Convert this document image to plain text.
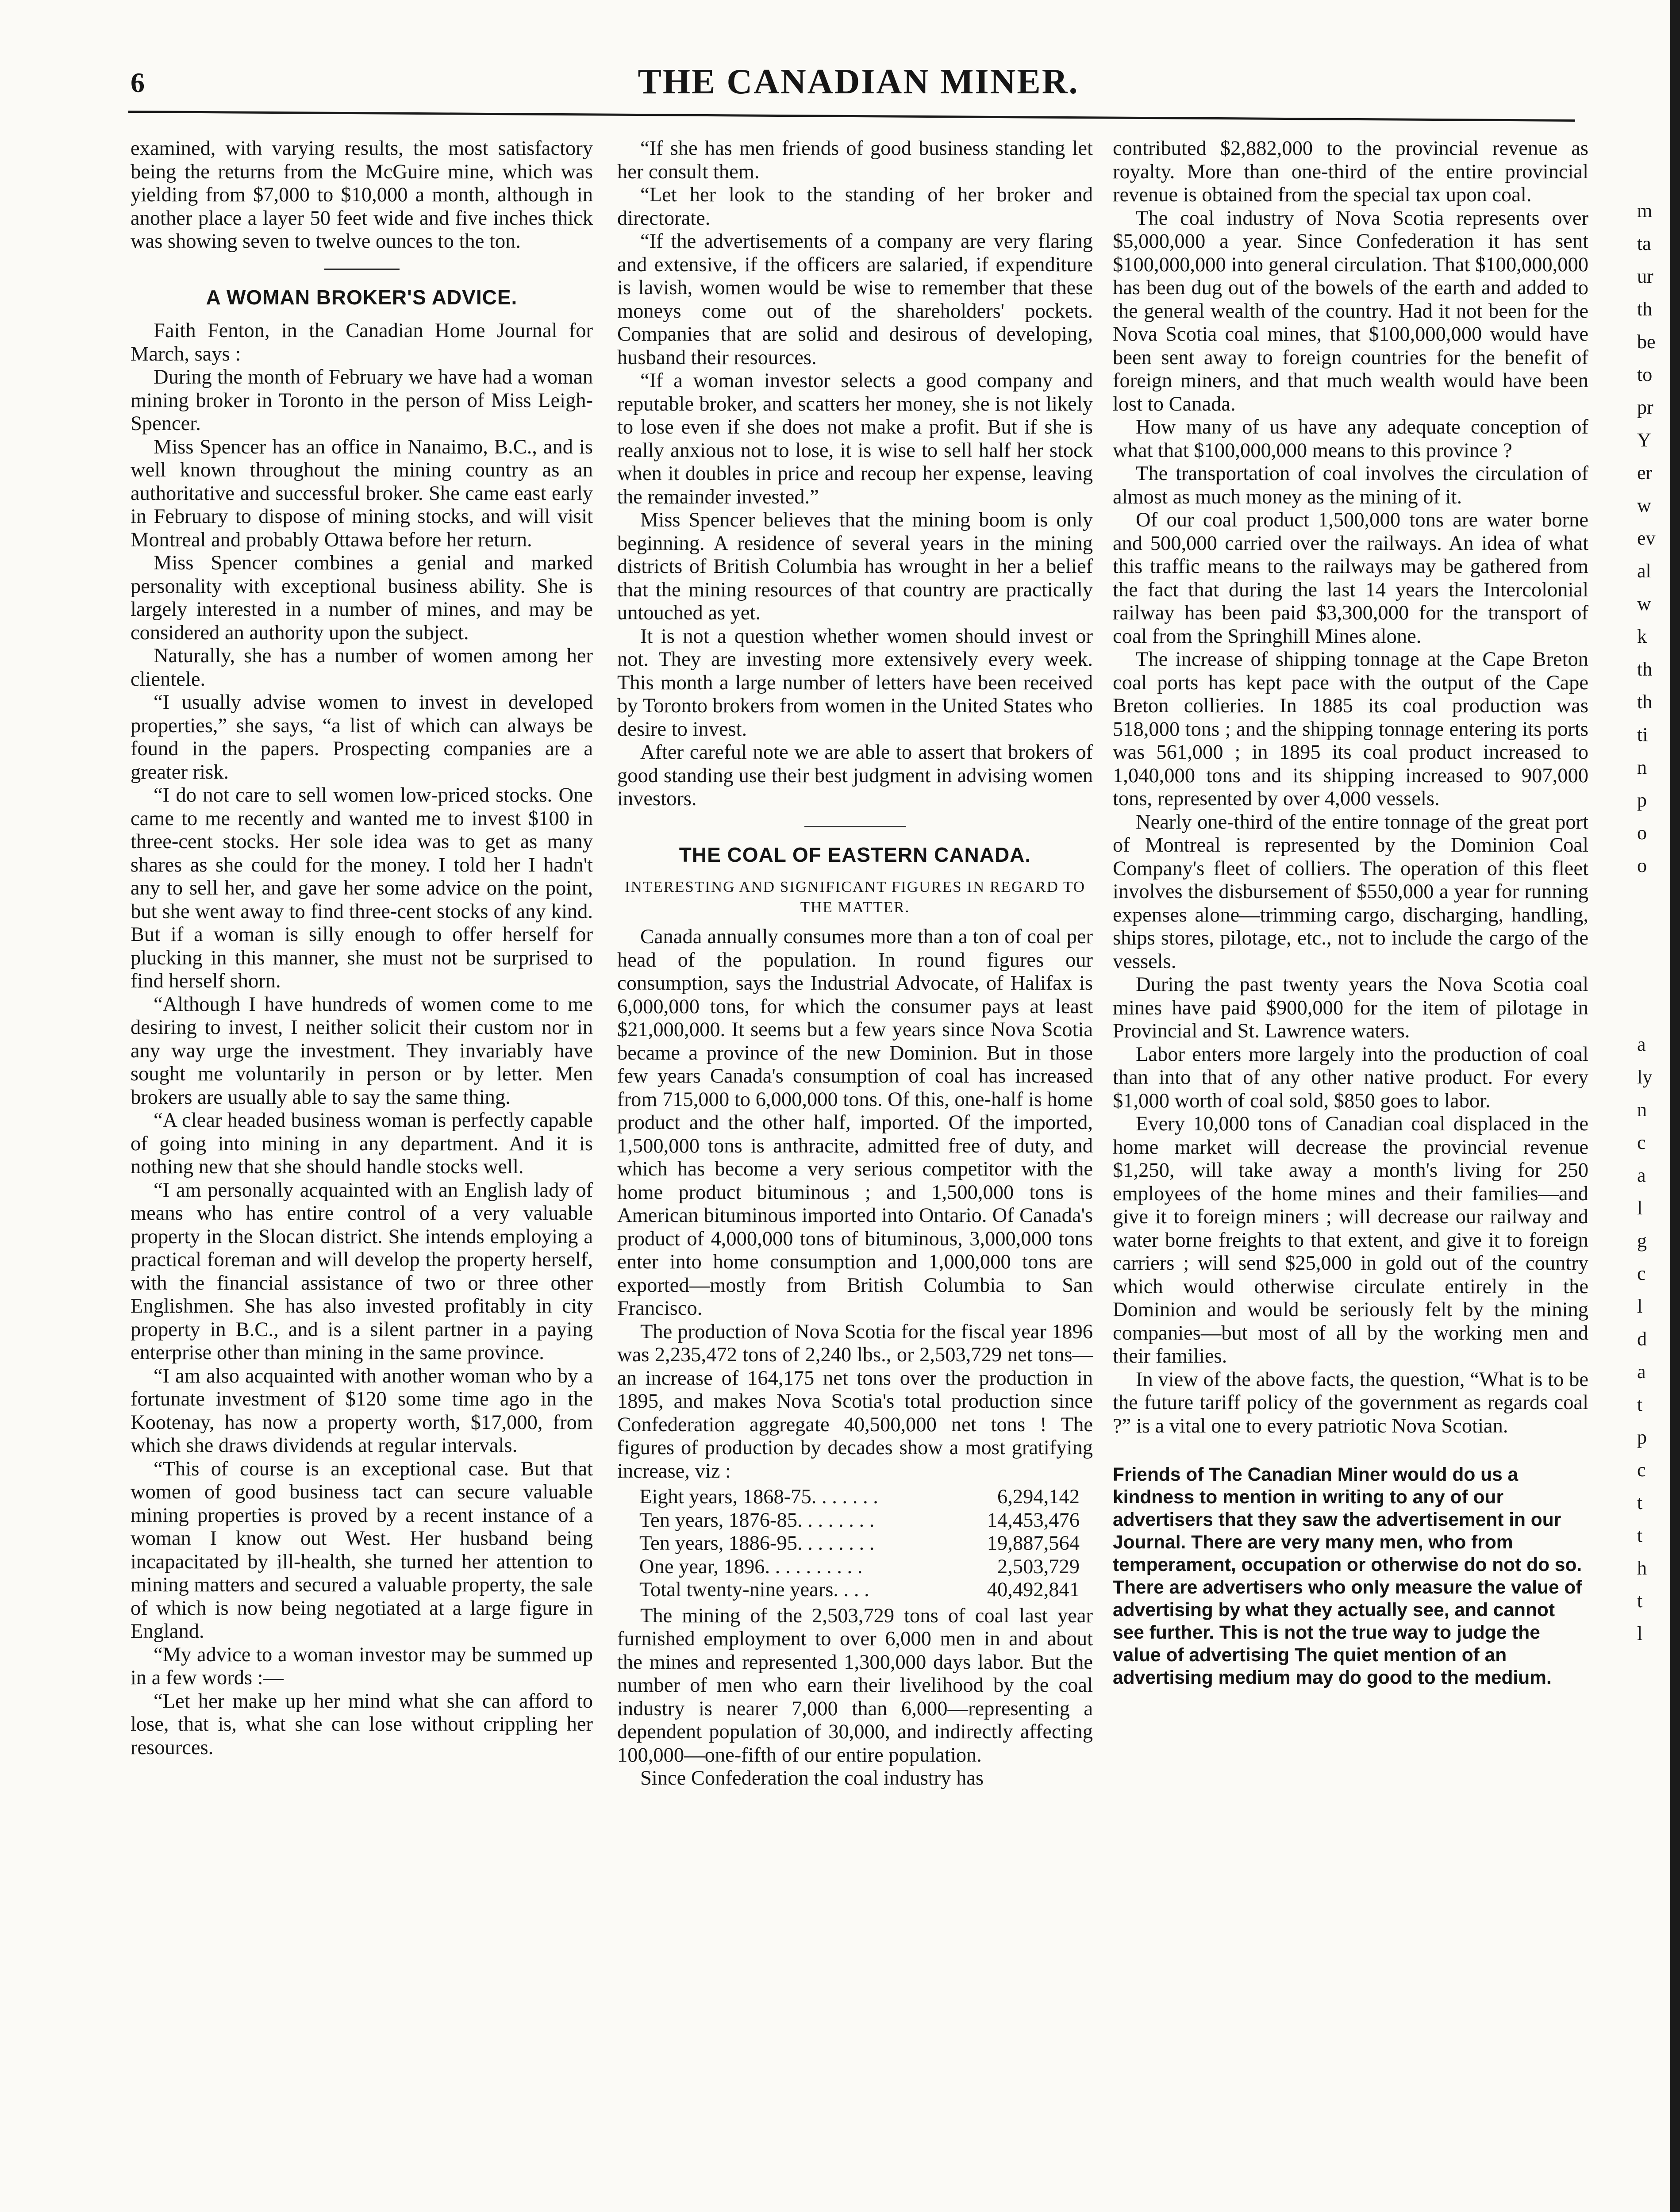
6	THE CANADIAN MINER.

examined, with varying results, the most satisfactory being the returns from the McGuire mine, which was yielding from $7,000 to $10,000 a month, although in another place a layer 50 feet wide and five inches thick was showing seven to twelve ounces to the ton.

A WOMAN BROKER'S ADVICE.

Faith Fenton, in the Canadian Home Journal for March, says :

During the month of February we have had a woman mining broker in Toronto in the person of Miss Leigh-Spencer.

Miss Spencer has an office in Nanaimo, B.C., and is well known throughout the mining country as an authoritative and successful broker. She came east early in February to dispose of mining stocks, and will visit Montreal and probably Ottawa before her return.

Miss Spencer combines a genial and marked personality with exceptional business ability. She is largely interested in a number of mines, and may be considered an authority upon the subject.

Naturally, she has a number of women among her clientele.

“I usually advise women to invest in developed properties,” she says, “a list of which can always be found in the papers. Prospecting companies are a greater risk.

“I do not care to sell women low-priced stocks. One came to me recently and wanted me to invest $100 in three-cent stocks. Her sole idea was to get as many shares as she could for the money. I told her I hadn't any to sell her, and gave her some advice on the point, but she went away to find three-cent stocks of any kind. But if a woman is silly enough to offer herself for plucking in this manner, she must not be surprised to find herself shorn.

“Although I have hundreds of women come to me desiring to invest, I neither solicit their custom nor in any way urge the investment. They invariably have sought me voluntarily in person or by letter. Men brokers are usually able to say the same thing.

“A clear headed business woman is perfectly capable of going into mining in any department. And it is nothing new that she should handle stocks well.

“I am personally acquainted with an English lady of means who has entire control of a very valuable property in the Slocan district. She intends employing a practical foreman and will develop the property herself, with the financial assistance of two or three other Englishmen. She has also invested profitably in city property in B.C., and is a silent partner in a paying enterprise other than mining in the same province.

“I am also acquainted with another woman who by a fortunate investment of $120 some time ago in the Kootenay, has now a property worth, $17,000, from which she draws dividends at regular intervals.

“This of course is an exceptional case. But that women of good business tact can secure valuable mining properties is proved by a recent instance of a woman I know out West. Her husband being incapacitated by ill-health, she turned her attention to mining matters and secured a valuable property, the sale of which is now being negotiated at a large figure in England.

“My advice to a woman investor may be summed up in a few words :—

“Let her make up her mind what she can afford to lose, that is, what she can lose without crippling her resources.

“If she has men friends of good business standing let her consult them.

“Let her look to the standing of her broker and directorate.

“If the advertisements of a company are very flaring and extensive, if the officers are salaried, if expenditure is lavish, women would be wise to remember that these moneys come out of the shareholders' pockets. Companies that are solid and desirous of developing, husband their resources.

“If a woman investor selects a good company and reputable broker, and scatters her money, she is not likely to lose even if she does not make a profit. But if she is really anxious not to lose, it is wise to sell half her stock when it doubles in price and recoup her expense, leaving the remainder invested.”

Miss Spencer believes that the mining boom is only beginning. A residence of several years in the mining districts of British Columbia has wrought in her a belief that the mining resources of that country are practically untouched as yet.

It is not a question whether women should invest or not. They are investing more extensively every week. This month a large number of letters have been received by Toronto brokers from women in the United States who desire to invest.

After careful note we are able to assert that brokers of good standing use their best judgment in advising women investors.

THE COAL OF EASTERN CANADA.
INTERESTING AND SIGNIFICANT FIGURES IN REGARD TO THE MATTER.

Canada annually consumes more than a ton of coal per head of the population. In round figures our consumption, says the Industrial Advocate, of Halifax is 6,000,000 tons, for which the consumer pays at least $21,000,000. It seems but a few years since Nova Scotia became a province of the new Dominion. But in those few years Canada's consumption of coal has increased from 715,000 to 6,000,000 tons. Of this, one-half is home product and the other half, imported. Of the imported, 1,500,000 tons is anthracite, admitted free of duty, and which has become a very serious competitor with the home product bituminous ; and 1,500,000 tons is American bituminous imported into Ontario. Of Canada's product of 4,000,000 tons of bituminous, 3,000,000 tons enter into home consumption and 1,000,000 tons are exported—mostly from British Columbia to San Francisco.

The production of Nova Scotia for the fiscal year 1896 was 2,235,472 tons of 2,240 lbs., or 2,503,729 net tons—an increase of 164,175 net tons over the production in 1895, and makes Nova Scotia's total production since Confederation aggregate 40,500,000 net tons ! The figures of production by decades show a most gratifying increase, viz :

Eight years, 1868-75. . . . . . .	6,294,142
Ten years, 1876-85. . . . . . . .	14,453,476
Ten years, 1886-95. . . . . . . .	19,887,564
One year, 1896. . . . . . . . . .	2,503,729
Total twenty-nine years. . . .	40,492,841

The mining of the 2,503,729 tons of coal last year furnished employment to over 6,000 men in and about the mines and represented 1,300,000 days labor. But the number of men who earn their livelihood by the coal industry is nearer 7,000 than 6,000—representing a dependent population of 30,000, and indirectly affecting 100,000—one-fifth of our entire population.

Since Confederation the coal industry has

contributed $2,882,000 to the provincial revenue as royalty. More than one-third of the entire provincial revenue is obtained from the special tax upon coal.

The coal industry of Nova Scotia represents over $5,000,000 a year. Since Confederation it has sent $100,000,000 into general circulation. That $100,000,000 has been dug out of the bowels of the earth and added to the general wealth of the country. Had it not been for the Nova Scotia coal mines, that $100,000,000 would have been sent away to foreign countries for the benefit of foreign miners, and that much wealth would have been lost to Canada.

How many of us have any adequate conception of what that $100,000,000 means to this province ?

The transportation of coal involves the circulation of almost as much money as the mining of it.

Of our coal product 1,500,000 tons are water borne and 500,000 carried over the railways. An idea of what this traffic means to the railways may be gathered from the fact that during the last 14 years the Intercolonial railway has been paid $3,300,000 for the transport of coal from the Springhill Mines alone.

The increase of shipping tonnage at the Cape Breton coal ports has kept pace with the output of the Cape Breton collieries. In 1885 its coal production was 518,000 tons ; and the shipping tonnage entering its ports was 561,000 ; in 1895 its coal product increased to 1,040,000 tons and its shipping increased to 907,000 tons, represented by over 4,000 vessels.

Nearly one-third of the entire tonnage of the great port of Montreal is represented by the Dominion Coal Company's fleet of colliers. The operation of this fleet involves the disbursement of $550,000 a year for running expenses alone—trimming cargo, discharging, handling, ships stores, pilotage, etc., not to include the cargo of the vessels.

During the past twenty years the Nova Scotia coal mines have paid $900,000 for the item of pilotage in Provincial and St. Lawrence waters.

Labor enters more largely into the production of coal than into that of any other native product. For every $1,000 worth of coal sold, $850 goes to labor.

Every 10,000 tons of Canadian coal displaced in the home market will decrease the provincial revenue $1,250, will take away a month's living for 250 employees of the home mines and their families—and give it to foreign miners ; will decrease our railway and water borne freights to that extent, and give it to foreign carriers ; will send $25,000 in gold out of the country which would otherwise circulate entirely in the Dominion and would be seriously felt by the mining companies—but most of all by the working men and their families.

In view of the above facts, the question, “What is to be the future tariff policy of the government as regards coal ?” is a vital one to every patriotic Nova Scotian.

Friends of The Canadian Miner would do us a kindness to mention in writing to any of our advertisers that they saw the advertisement in our Journal. There are very many men, who from temperament, occupation or otherwise do not do so. There are advertisers who only measure the value of advertising by what they actually see, and cannot see further. This is not the true way to judge the value of advertising The quiet mention of an advertising medium may do good to the medium.
m
ta
ur
th
be
to
pr
Y
er
w
ev
al
w
k
th
th
ti
n
p
o
o
a
ly
n
c
a
l
g
c
l
d
a
t
p
c
t
t
h
t
l
